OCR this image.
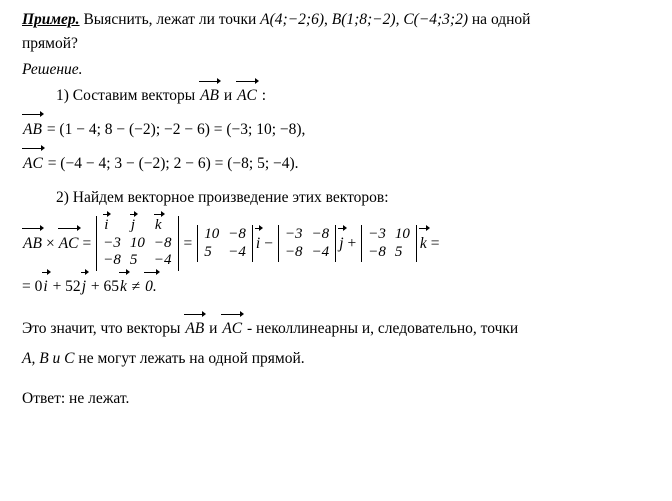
Пример. Выяснить, лежат ли точки A(4;−2;6), B(1;8;−2), C(−4;3;2) на одной
прямой?
Решение.
1) Составим векторы AB и AC :
AB = (1 − 4; 8 − (−2); −2 − 6) = (−3; 10; −8),
AC = (−4 − 4; 3 − (−2); 2 − 6) = (−8; 5; −4).
2) Найдем векторное произведение этих векторов:
AB × AC =
i	j	k
−3	10	−8
−8	5	−4
=
10	−8
5	−4
i −
−3	−8
−8	−4
j +
−3	10
−8	5
k =
= 0
i + 52
j + 65
k ≠ 0.
Это значит, что векторы AB и AC - неколлинеарны и, следовательно, точки
A, B и C не могут лежать на одной прямой.
Ответ: не лежат.
